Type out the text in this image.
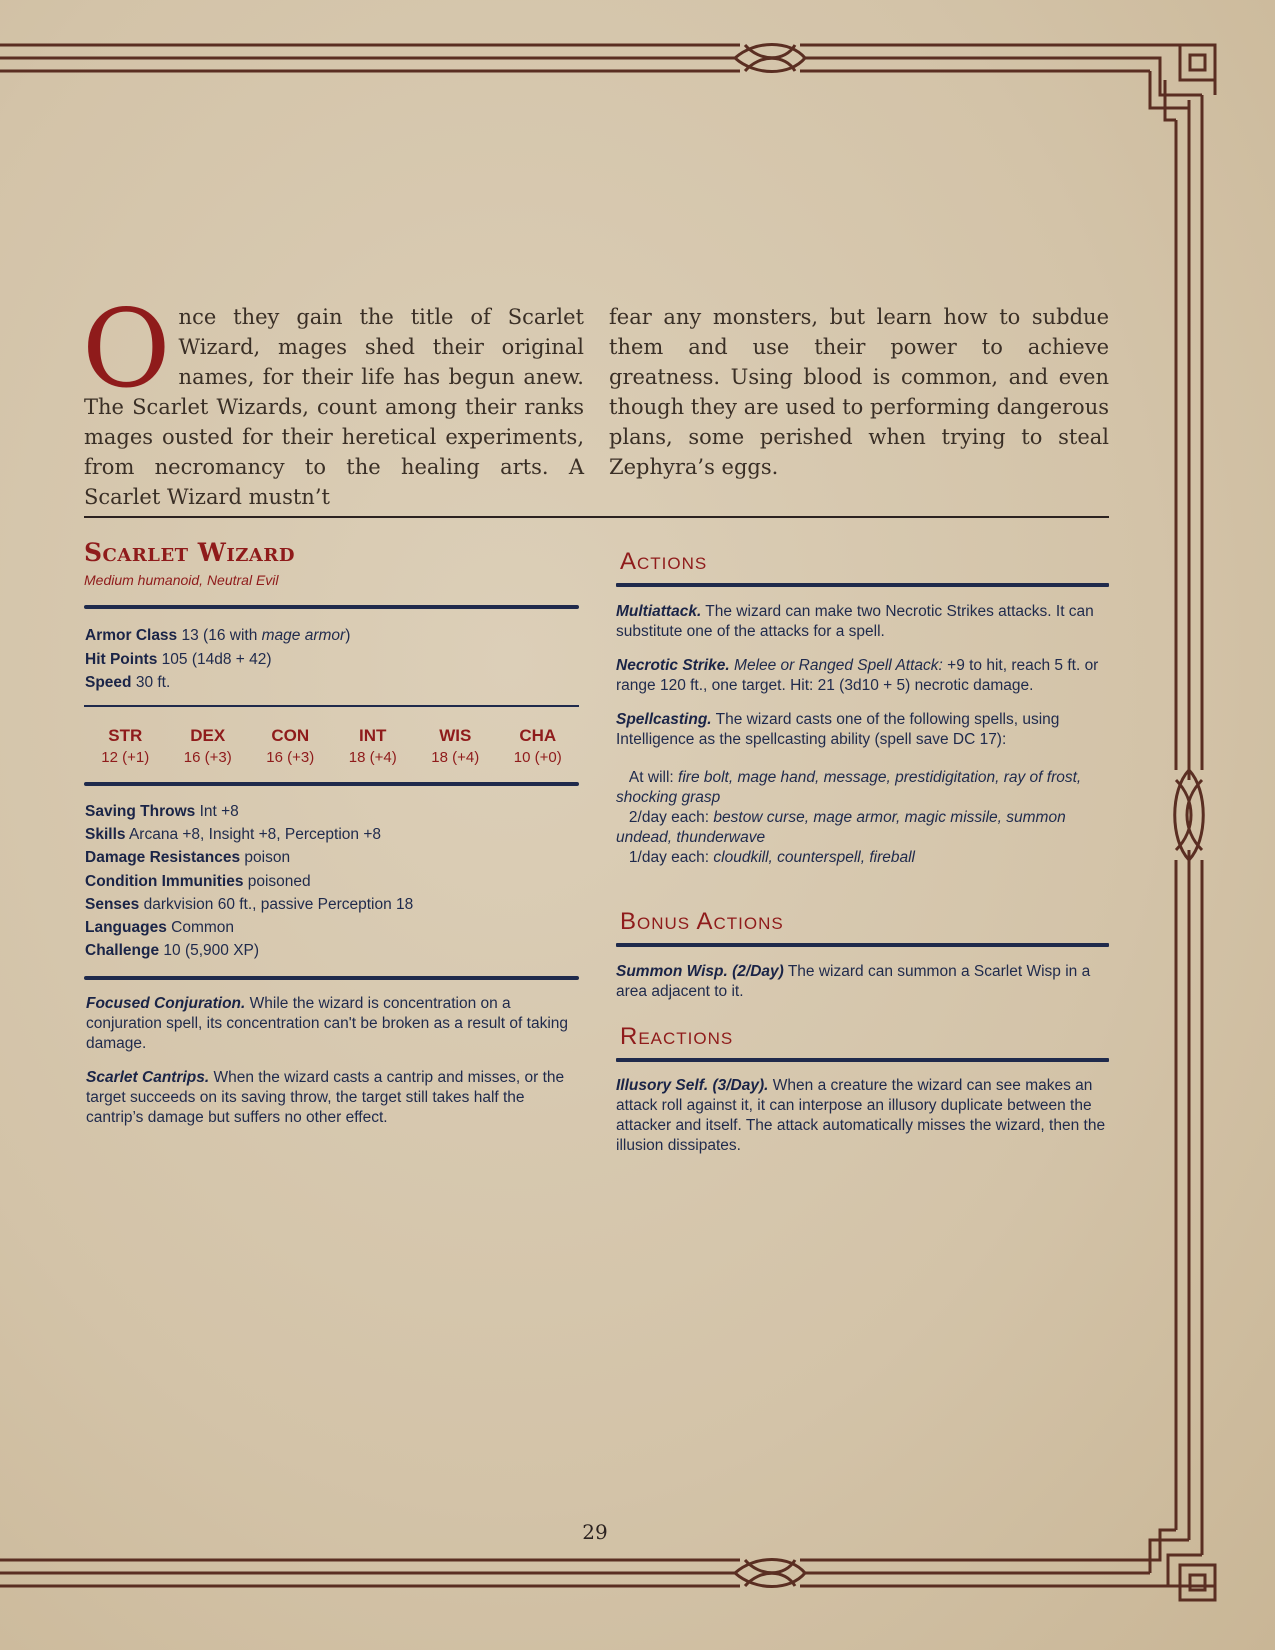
Once they gain the title of Scarlet Wizard, mages shed their original names, for their life has begun anew. The Scarlet Wizards, count among their ranks mages ousted for their heretical experiments, from necromancy to the healing arts. A Scarlet Wizard mustn’t
fear any monsters, but learn how to subdue them and use their power to achieve greatness. Using blood is common, and even though they are used to performing dangerous plans, some perished when trying to steal Zephyra’s eggs.
Scarlet Wizard
Medium humanoid, Neutral Evil
Armor Class 13 (16 with mage armor)
Hit Points 105 (14d8 + 42)
Speed 30 ft.
STR
12 (+1)
DEX
16 (+3)
CON
16 (+3)
INT
18 (+4)
WIS
18 (+4)
CHA
10 (+0)
Saving Throws Int +8
Skills Arcana +8, Insight +8, Perception +8
Damage Resistances poison
Condition Immunities poisoned
Senses darkvision 60 ft., passive Perception 18
Languages Common
Challenge 10 (5,900 XP)

Focused Conjuration. While the wizard is concentration on a conjuration spell, its concentration can't be broken as a result of taking damage.

Scarlet Cantrips. When the wizard casts a cantrip and misses, or the target succeeds on its saving throw, the target still takes half the cantrip’s damage but suffers no other effect.

Actions

Multiattack. The wizard can make two Necrotic Strikes attacks. It can substitute one of the attacks for a spell.

Necrotic Strike. Melee or Ranged Spell Attack: +9 to hit, reach 5 ft. or range 120 ft., one target. Hit: 21 (3d10 + 5) necrotic damage.

Spellcasting. The wizard casts one of the following spells, using Intelligence as the spellcasting ability (spell save DC 17):

At will: fire bolt, mage hand, message, prestidigitation, ray of frost, shocking grasp
2/day each: bestow curse, mage armor, magic missile, summon undead, thunderwave
1/day each: cloudkill, counterspell, fireball
Bonus Actions

Summon Wisp. (2/Day) The wizard can summon a Scarlet Wisp in a area adjacent to it.

Reactions

Illusory Self. (3/Day). When a creature the wizard can see makes an attack roll against it, it can interpose an illusory duplicate between the attacker and itself. The attack automatically misses the wizard, then the illusion dissipates.

29
